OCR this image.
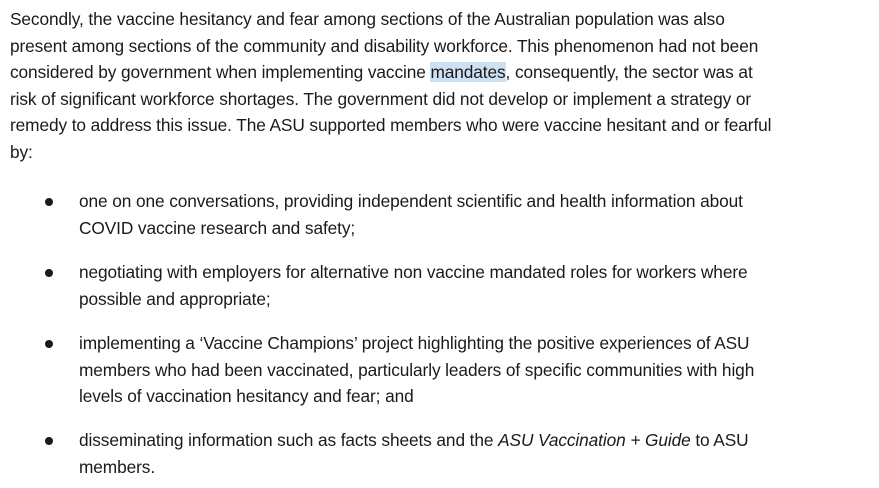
Secondly, the vaccine hesitancy and fear among sections of the Australian population was also

present among sections of the community and disability workforce. This phenomenon had not been

considered by government when implementing vaccine mandates, consequently, the sector was at

risk of significant workforce shortages. The government did not develop or implement a strategy or

remedy to address this issue. The ASU supported members who were vaccine hesitant and or fearful

by:

one on one conversations, providing independent scientific and health information about
COVID vaccine research and safety;
negotiating with employers for alternative non vaccine mandated roles for workers where
possible and appropriate;
implementing a ‘Vaccine Champions’ project highlighting the positive experiences of ASU
members who had been vaccinated, particularly leaders of specific communities with high
levels of vaccination hesitancy and fear; and
disseminating information such as facts sheets and the ASU Vaccination + Guide to ASU
members.
